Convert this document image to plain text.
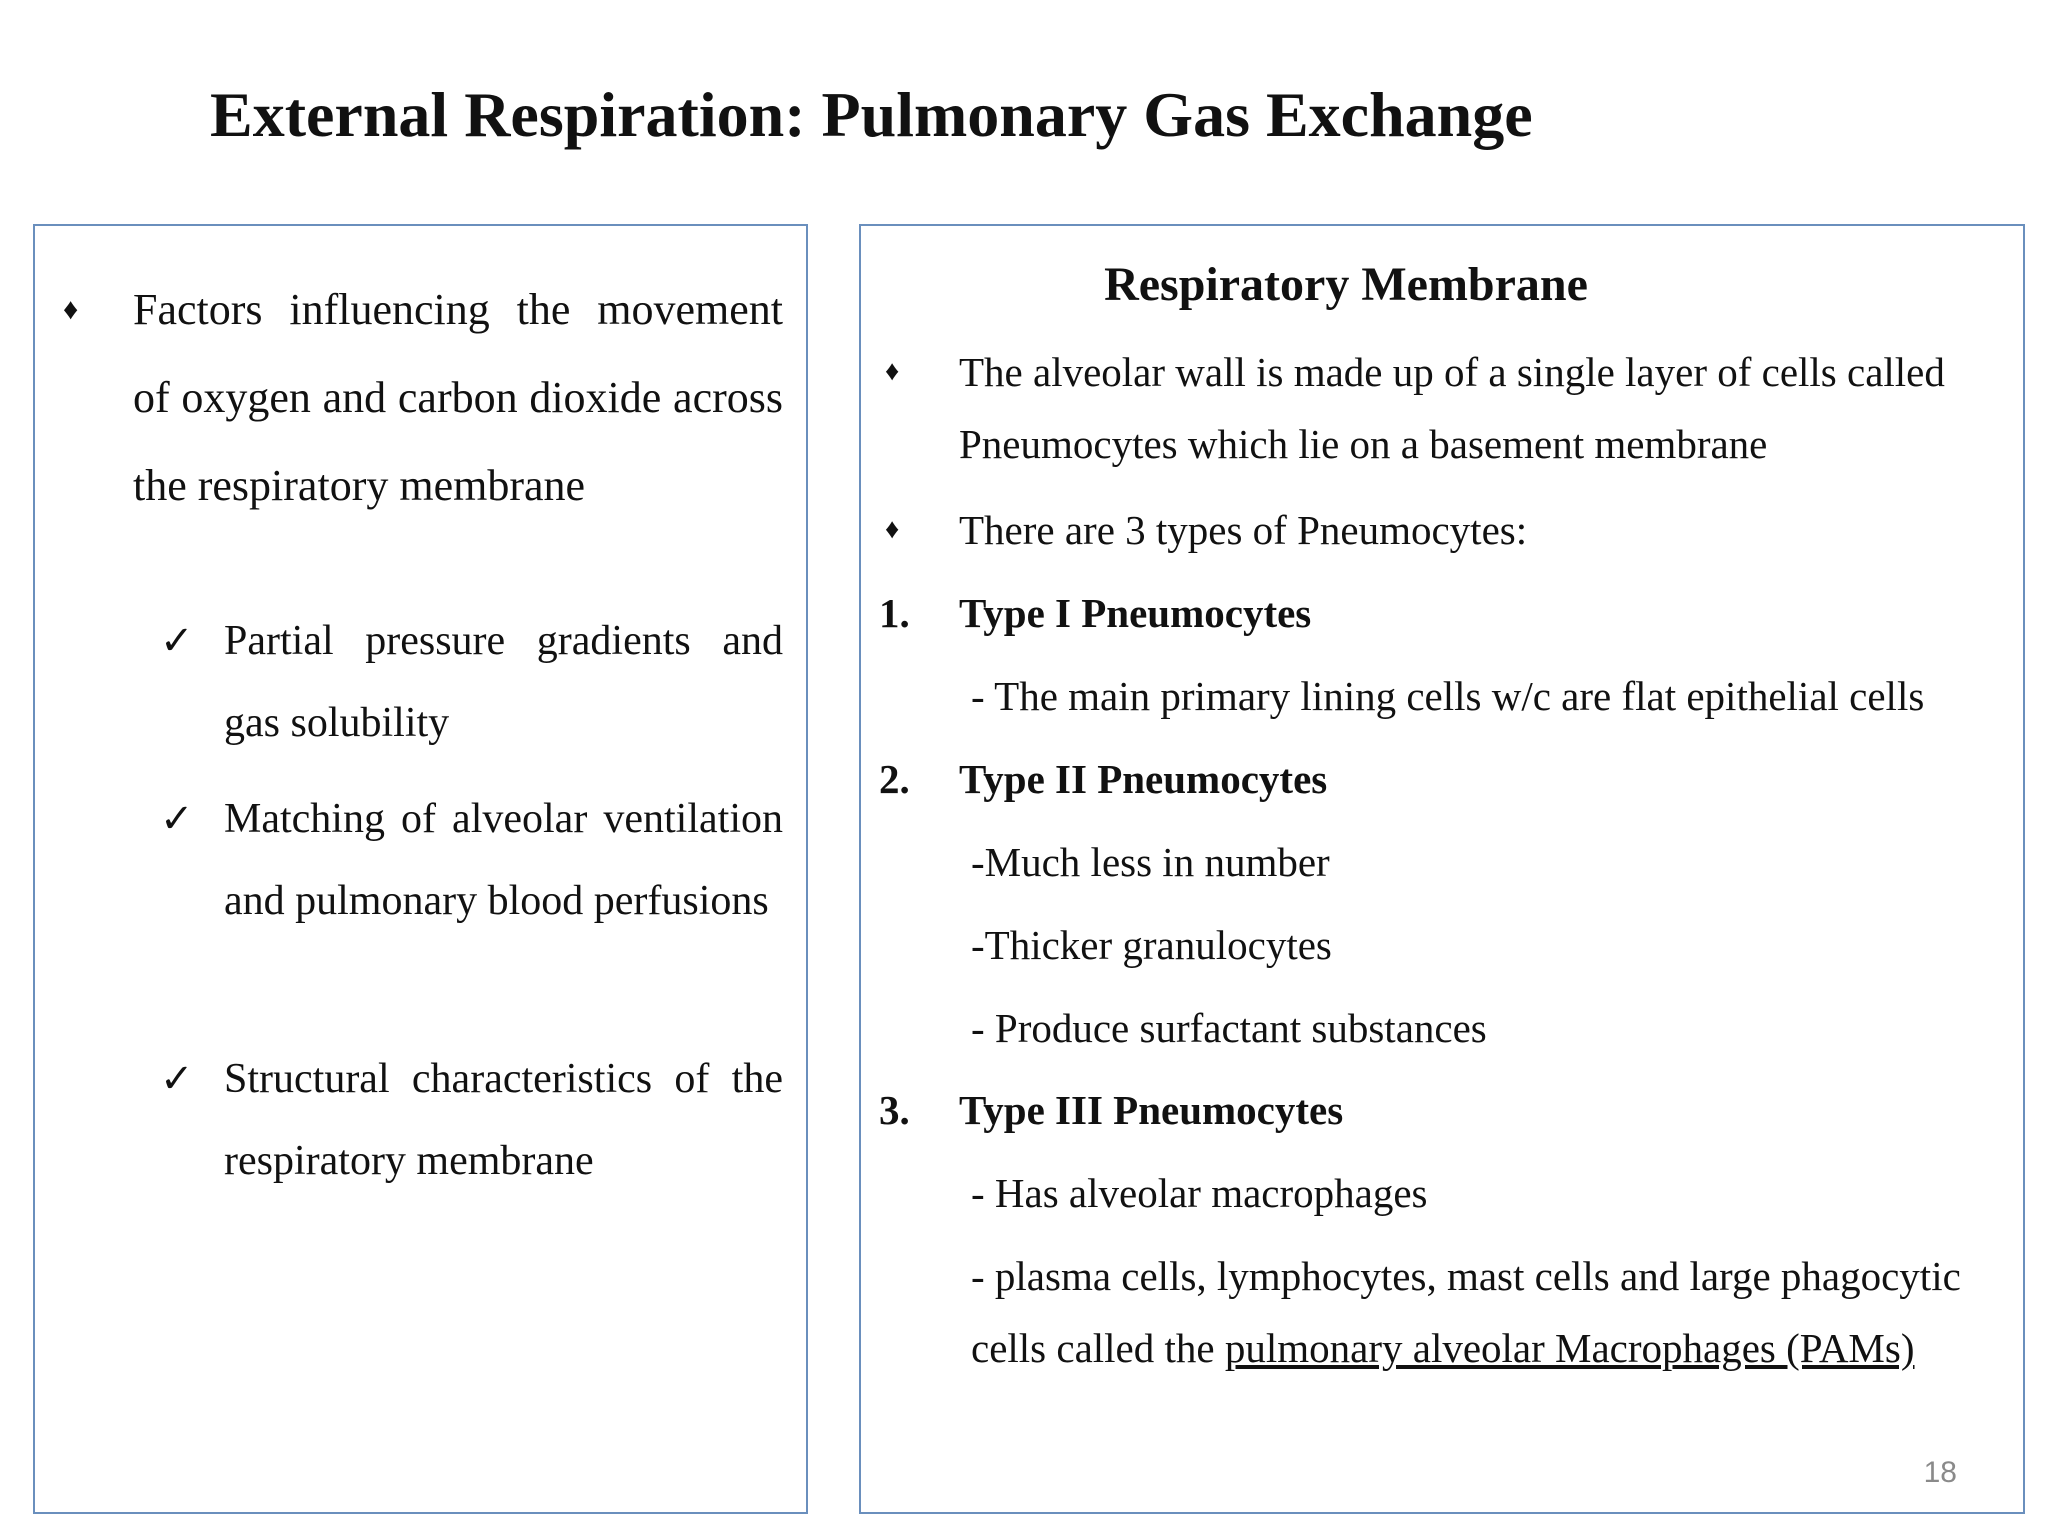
External Respiration: Pulmonary Gas Exchange
♦ Factors influencing the movement of oxygen and carbon dioxide across the respiratory membrane

✓ Partial pressure gradients and gas solubility

✓ Matching of alveolar ventilation and pulmonary blood perfusions

✓ Structural characteristics of the respiratory membrane

Respiratory Membrane
♦ The alveolar wall is made up of a single layer of cells called Pneumocytes which lie on a basement membrane

♦ There are 3 types of Pneumocytes:

1. Type I Pneumocytes

- The main primary lining cells w/c are flat epithelial cells

2. Type II Pneumocytes

-Much less in number

-Thicker granulocytes

- Produce surfactant substances

3. Type III Pneumocytes

- Has alveolar macrophages

- plasma cells, lymphocytes, mast cells and large phagocytic cells called the pulmonary alveolar Macrophages (PAMs)

18
